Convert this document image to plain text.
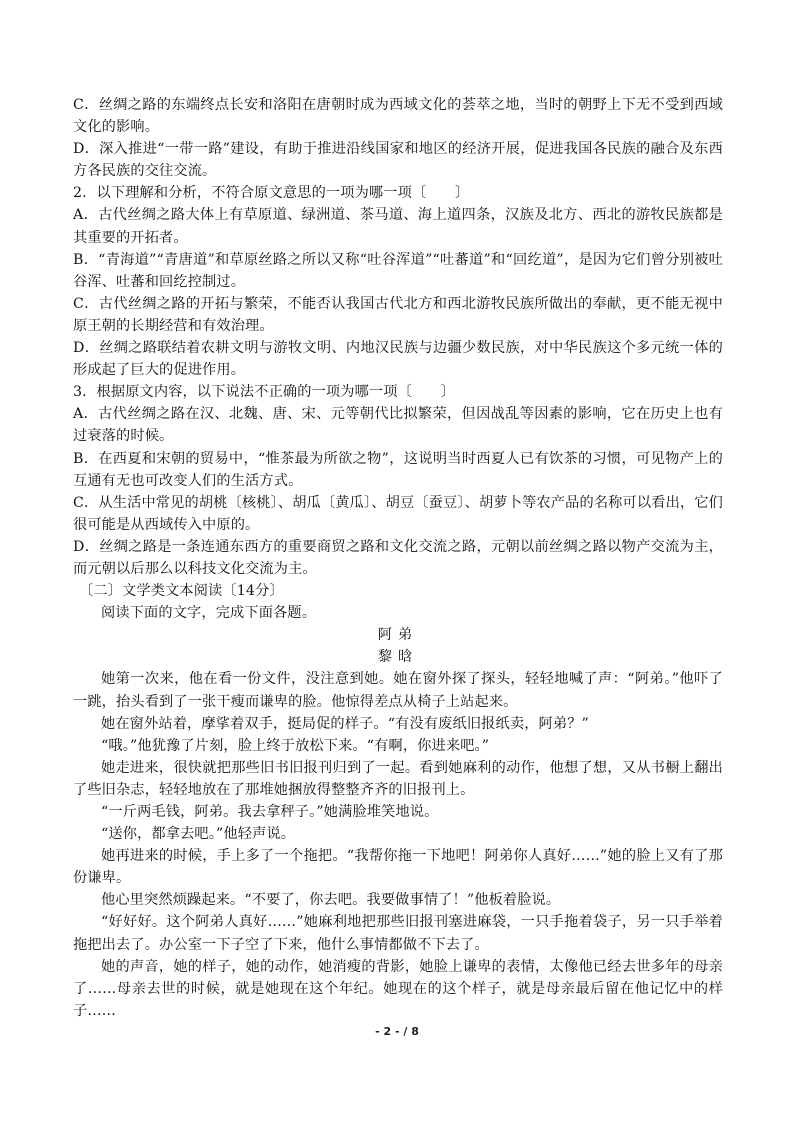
C．丝绸之路的东端终点长安和洛阳在唐朝时成为西域文化的荟萃之地，当时的朝野上下无不受到西域文化的影响。

D．深入推进“一带一路”建设，有助于推进沿线国家和地区的经济开展，促进我国各民族的融合及东西方各民族的交往交流。

2．以下理解和分析，不符合原文意思的一项为哪一项〔　　〕

A．古代丝绸之路大体上有草原道、绿洲道、茶马道、海上道四条，汉族及北方、西北的游牧民族都是其重要的开拓者。

B．“青海道”“青唐道”和草原丝路之所以又称“吐谷浑道”“吐蕃道”和“回纥道”，是因为它们曾分别被吐谷浑、吐蕃和回纥控制过。

C．古代丝绸之路的开拓与繁荣，不能否认我国古代北方和西北游牧民族所做出的奉献，更不能无视中原王朝的长期经营和有效治理。

D．丝绸之路联结着农耕文明与游牧文明、内地汉民族与边疆少数民族，对中华民族这个多元统一体的形成起了巨大的促进作用。

3．根据原文内容，以下说法不正确的一项为哪一项〔　　〕

A．古代丝绸之路在汉、北魏、唐、宋、元等朝代比拟繁荣，但因战乱等因素的影响，它在历史上也有过衰落的时候。

B．在西夏和宋朝的贸易中，“惟茶最为所欲之物”，这说明当时西夏人已有饮茶的习惯，可见物产上的互通有无也可改变人们的生活方式。

C．从生活中常见的胡桃〔核桃〕、胡瓜〔黄瓜〕、胡豆〔蚕豆〕、胡萝卜等农产品的名称可以看出，它们很可能是从西域传入中原的。

D．丝绸之路是一条连通东西方的重要商贸之路和文化交流之路，元朝以前丝绸之路以物产交流为主，而元朝以后那么以科技文化交流为主。

〔二〕文学类文本阅读〔14分〕

阅读下面的文字，完成下面各题。

阿弟

黎晗

她第一次来，他在看一份文件，没注意到她。她在窗外探了探头，轻轻地喊了声：“阿弟。”他吓了一跳，抬头看到了一张干瘦而谦卑的脸。他惊得差点从椅子上站起来。

她在窗外站着，摩挲着双手，挺局促的样子。“有没有废纸旧报纸卖，阿弟？”

“哦。”他犹豫了片刻，脸上终于放松下来。“有啊，你进来吧。”

她走进来，很快就把那些旧书旧报刊归到了一起。看到她麻利的动作，他想了想，又从书橱上翻出了些旧杂志，轻轻地放在了那堆她捆放得整整齐齐的旧报刊上。

“一斤两毛钱，阿弟。我去拿秤子。”她满脸堆笑地说。

“送你，都拿去吧。”他轻声说。

她再进来的时候，手上多了一个拖把。“我帮你拖一下地吧！阿弟你人真好……”她的脸上又有了那份谦卑。

他心里突然烦躁起来。“不要了，你去吧。我要做事情了！”他板着脸说。

“好好好。这个阿弟人真好……”她麻利地把那些旧报刊塞进麻袋，一只手拖着袋子，另一只手举着拖把出去了。办公室一下子空了下来，他什么事情都做不下去了。

她的声音，她的样子，她的动作，她消瘦的背影，她脸上谦卑的表情，太像他已经去世多年的母亲了……母亲去世的时候，就是她现在这个年纪。她现在的这个样子，就是母亲最后留在他记忆中的样子……

- 2 - / 8
